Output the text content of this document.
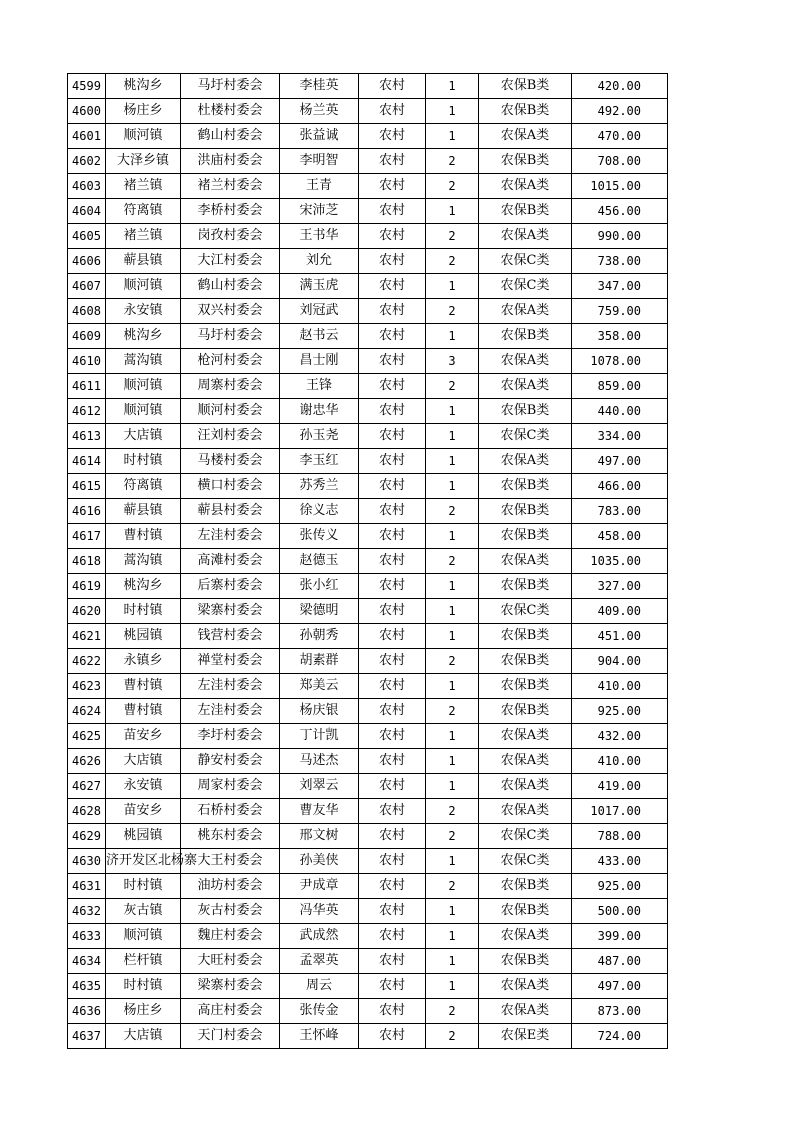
4599	桃沟乡	马圩村委会	李桂英	农村	1	农保B类	420.00
4600	杨庄乡	杜楼村委会	杨兰英	农村	1	农保B类	492.00
4601	顺河镇	鹤山村委会	张益诚	农村	1	农保A类	470.00
4602	大泽乡镇	洪庙村委会	李明智	农村	2	农保B类	708.00
4603	褚兰镇	褚兰村委会	王青	农村	2	农保A类	1015.00
4604	符离镇	李桥村委会	宋沛芝	农村	1	农保B类	456.00
4605	褚兰镇	岗孜村委会	王书华	农村	2	农保A类	990.00
4606	蕲县镇	大江村委会	刘允	农村	2	农保C类	738.00
4607	顺河镇	鹤山村委会	满玉虎	农村	1	农保C类	347.00
4608	永安镇	双兴村委会	刘冠武	农村	2	农保A类	759.00
4609	桃沟乡	马圩村委会	赵书云	农村	1	农保B类	358.00
4610	蒿沟镇	枪河村委会	昌士刚	农村	3	农保A类	1078.00
4611	顺河镇	周寨村委会	王锋	农村	2	农保A类	859.00
4612	顺河镇	顺河村委会	谢忠华	农村	1	农保B类	440.00
4613	大店镇	汪刘村委会	孙玉尧	农村	1	农保C类	334.00
4614	时村镇	马楼村委会	李玉红	农村	1	农保A类	497.00
4615	符离镇	横口村委会	苏秀兰	农村	1	农保B类	466.00
4616	蕲县镇	蕲县村委会	徐义志	农村	2	农保B类	783.00
4617	曹村镇	左洼村委会	张传义	农村	1	农保B类	458.00
4618	蒿沟镇	高滩村委会	赵德玉	农村	2	农保A类	1035.00
4619	桃沟乡	后寨村委会	张小红	农村	1	农保B类	327.00
4620	时村镇	梁寨村委会	梁德明	农村	1	农保C类	409.00
4621	桃园镇	钱营村委会	孙朝秀	农村	1	农保B类	451.00
4622	永镇乡	禅堂村委会	胡素群	农村	2	农保B类	904.00
4623	曹村镇	左洼村委会	郑美云	农村	1	农保B类	410.00
4624	曹村镇	左洼村委会	杨庆银	农村	2	农保B类	925.00
4625	苗安乡	李圩村委会	丁计凯	农村	1	农保A类	432.00
4626	大店镇	静安村委会	马述杰	农村	1	农保A类	410.00
4627	永安镇	周家村委会	刘翠云	农村	1	农保A类	419.00
4628	苗安乡	石桥村委会	曹友华	农村	2	农保A类	1017.00
4629	桃园镇	桃东村委会	邢文树	农村	2	农保C类	788.00
4630	济开发区北杨寨	大王村委会	孙美侠	农村	1	农保C类	433.00
4631	时村镇	油坊村委会	尹成章	农村	2	农保B类	925.00
4632	灰古镇	灰古村委会	冯华英	农村	1	农保B类	500.00
4633	顺河镇	魏庄村委会	武成然	农村	1	农保A类	399.00
4634	栏杆镇	大旺村委会	孟翠英	农村	1	农保B类	487.00
4635	时村镇	梁寨村委会	周云	农村	1	农保A类	497.00
4636	杨庄乡	高庄村委会	张传金	农村	2	农保A类	873.00
4637	大店镇	天门村委会	王怀峰	农村	2	农保E类	724.00
